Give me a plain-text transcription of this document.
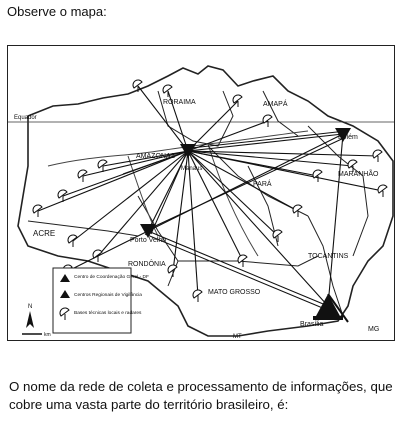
Observe o mapa:
Equador
RORAIMA	AMAPÁ
AMAZONAS
PARÁ
MARANHÃO
ACRE
RONDÔNIA
TOCANTINS
MATO GROSSO
MG
MT
Manaus
Belém
Porto Velho
Brasília
Centro de Coordenação Geral - DF
Centros Regionais de Vigilância
Bases técnicas locais e radares
N
km
O nome da rede de coleta e processamento de informações, que cobre uma vasta parte do território brasileiro, é:
